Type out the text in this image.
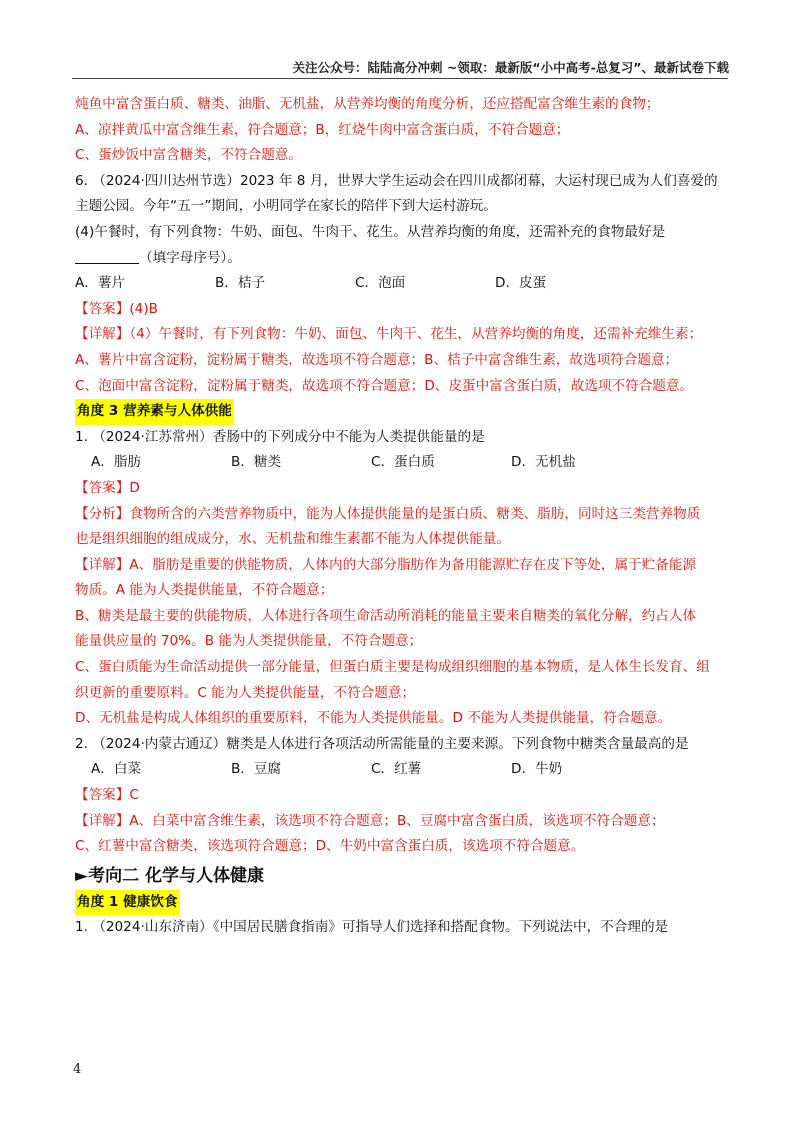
关注公众号：陆陆高分冲刺 ~领取：最新版“小中高考-总复习”、最新试卷下载
炖鱼中富含蛋白质、糖类、油脂、无机盐，从营养均衡的角度分析，还应搭配富含维生素的食物；
A、凉拌黄瓜中富含维生素，符合题意；B，红烧牛肉中富含蛋白质，不符合题意；
C、蛋炒饭中富含糖类，不符合题意。
6. （2024·四川达州节选）2023 年 8 月，世界大学生运动会在四川成都闭幕，大运村现已成为人们喜爱的
主题公园。今年“五一”期间，小明同学在家长的陪伴下到大运村游玩。
(4)午餐时，有下列食物：牛奶、面包、牛肉干、花生。从营养均衡的角度，还需补充的食物最好是
（填字母序号）。
A．薯片	B．桔子	C．泡面	D．皮蛋
【答案】(4)B
【详解】（4）午餐时，有下列食物：牛奶、面包、牛肉干、花生，从营养均衡的角度，还需补充维生素；
A、薯片中富含淀粉，淀粉属于糖类，故选项不符合题意；B、桔子中富含维生素，故选项符合题意；
C、泡面中富含淀粉，淀粉属于糖类，故选项不符合题意；D、皮蛋中富含蛋白质，故选项不符合题意。
角度 3 营养素与人体供能
1. （2024·江苏常州）香肠中的下列成分中不能为人类提供能量的是
A．脂肪	B．糖类	C．蛋白质	D．无机盐
【答案】D
【分析】食物所含的六类营养物质中，能为人体提供能量的是蛋白质、糖类、脂肪，同时这三类营养物质
也是组织细胞的组成成分，水、无机盐和维生素都不能为人体提供能量。
【详解】A、脂肪是重要的供能物质，人体内的大部分脂肪作为备用能源贮存在皮下等处，属于贮备能源
物质。A 能为人类提供能量，不符合题意；
B、糖类是最主要的供能物质，人体进行各项生命活动所消耗的能量主要来自糖类的氧化分解，约占人体
能量供应量的 70%。B 能为人类提供能量，不符合题意；
C、蛋白质能为生命活动提供一部分能量，但蛋白质主要是构成组织细胞的基本物质，是人体生长发育、组
织更新的重要原料。C 能为人类提供能量，不符合题意；
D、无机盐是构成人体组织的重要原料，不能为人类提供能量。D 不能为人类提供能量，符合题意。
2. （2024·内蒙古通辽）糖类是人体进行各项活动所需能量的主要来源。下列食物中糖类含量最高的是
A．白菜	B．豆腐	C．红薯	D．牛奶
【答案】C
【详解】A、白菜中富含维生素，该选项不符合题意；B、豆腐中富含蛋白质，该选项不符合题意；
C、红薯中富含糖类，该选项符合题意；D、牛奶中富含蛋白质，该选项不符合题意。
►考向二 化学与人体健康
角度 1 健康饮食
1. （2024·山东济南）《中国居民膳食指南》可指导人们选择和搭配食物。下列说法中，不合理的是
4
